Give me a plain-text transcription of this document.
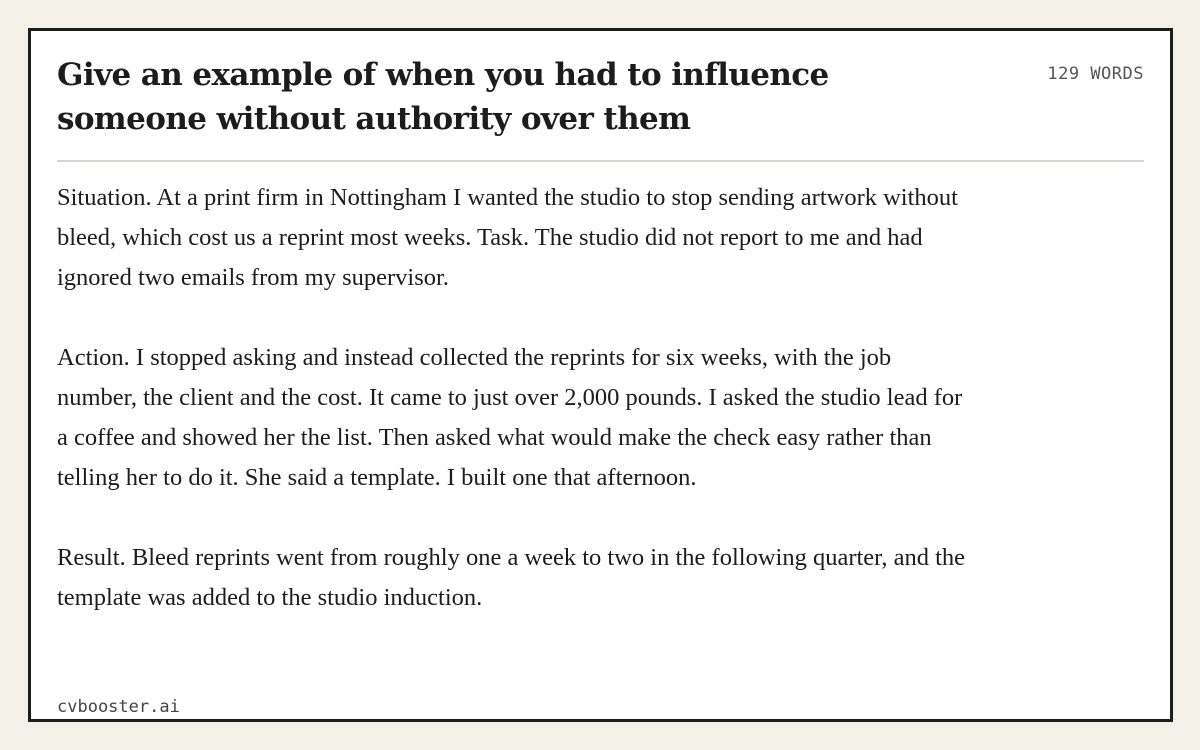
Give an example of when you had to influence someone without authority over them
129 WORDS

Situation. At a print firm in Nottingham I wanted the studio to stop sending artwork without bleed, which cost us a reprint most weeks. Task. The studio did not report to me and had ignored two emails from my supervisor.

Action. I stopped asking and instead collected the reprints for six weeks, with the job number, the client and the cost. It came to just over 2,000 pounds. I asked the studio lead for a coffee and showed her the list. Then asked what would make the check easy rather than telling her to do it. She said a template. I built one that afternoon.

Result. Bleed reprints went from roughly one a week to two in the following quarter, and the template was added to the studio induction.

cvbooster.ai
